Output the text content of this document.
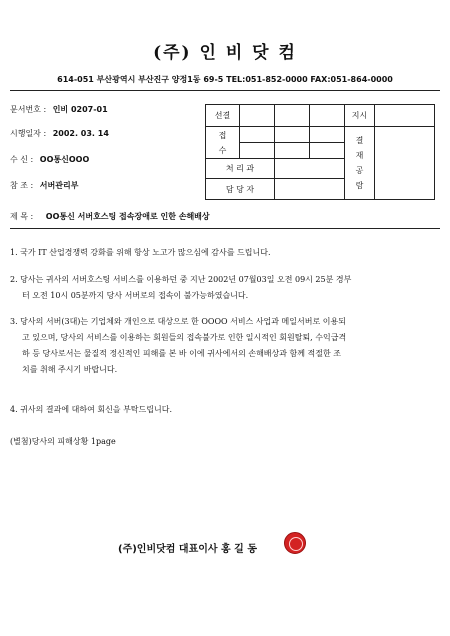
(주) 인 비 닷 컴
614-051 부산광역시 부산진구 양정1동 69-5 TEL:051-852-0000 FAX:051-864-0000
문서번호 : 인비 0207-01
시행일자 : 2002. 03. 14
수 신 : OO통신OOO
참 조 : 서버관리부
선결				지시	
접수				결재공람	

처 리 과					
담 당 자					
제 목 : OO통신 서버호스팅 접속장애로 인한 손해배상
1. 국가 IT 산업경쟁력 강화를 위해 항상 노고가 많으심에 감사를 드립니다.
2. 당사는 귀사의 서버호스팅 서비스를 이용하던 중 지난 2002년 07월03일 오전 09시 25분 경부
터 오전 10시 05분까지 당사 서버로의 접속이 불가능하였습니다.
3. 당사의 서버(3대)는 기업체와 개인으로 대상으로 한 OOOO 서비스 사업과 메일서버로 이용되
고 있으며, 당사의 서비스를 이용하는 회원들의 접속불가로 인한 일시적인 회원탈퇴, 수익급격
하 등 당사로서는 물질적 정신적인 피해를 본 바 이에 귀사에서의 손해배상과 함께 적절한 조
치를 취해 주시기 바랍니다.
4. 귀사의 결과에 대하여 회신을 부탁드립니다.
(별첨)당사의 피해상황 1page
(주)인비닷컴 대표이사 홍 길 동
